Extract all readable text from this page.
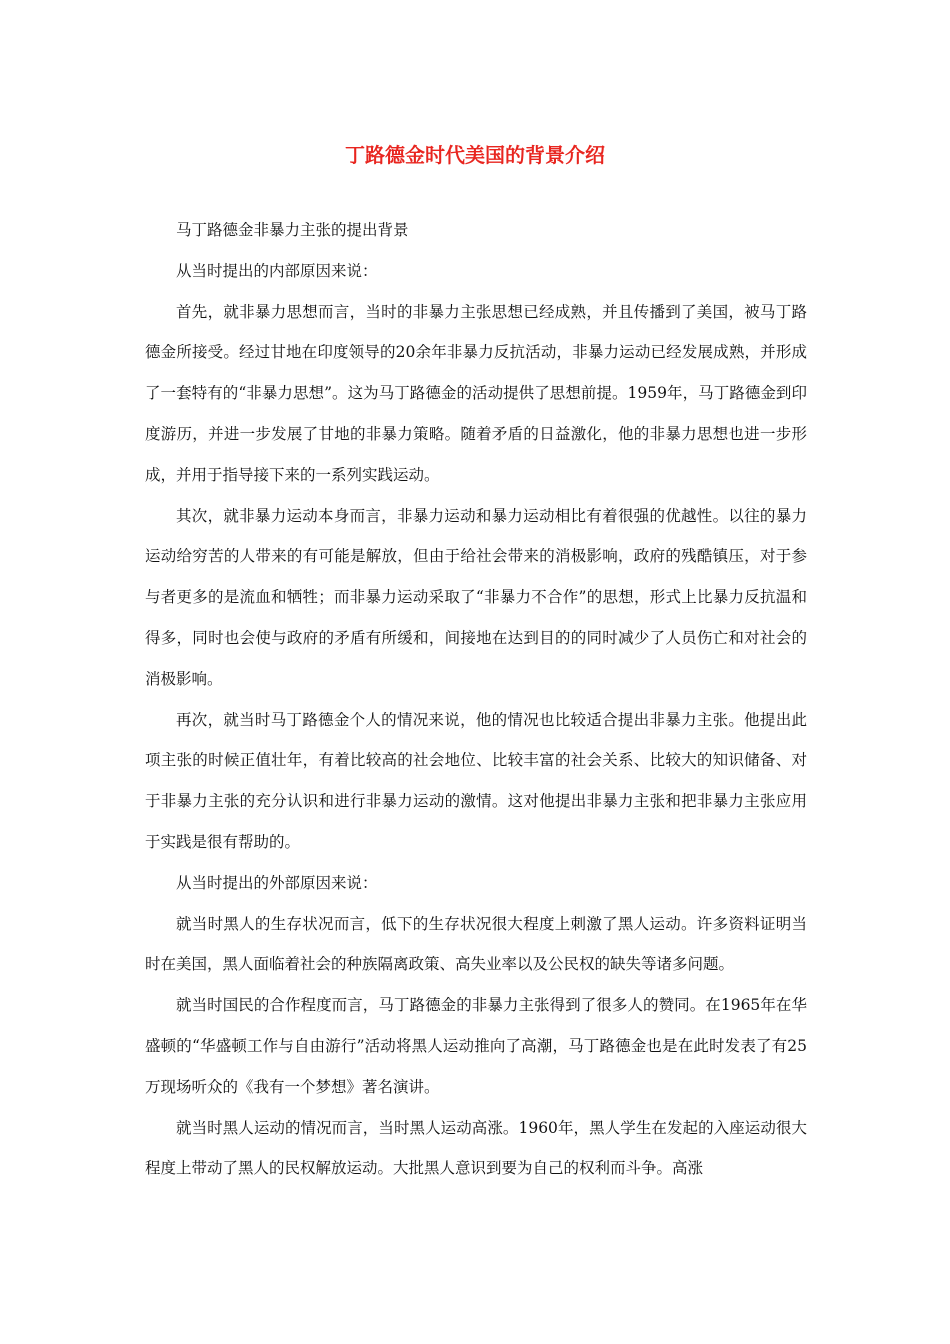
丁路德金时代美国的背景介绍

马丁路德金非暴力主张的提出背景

从当时提出的内部原因来说：

首先，就非暴力思想而言，当时的非暴力主张思想已经成熟，并且传播到了美国，被马丁路德金所接受。经过甘地在印度领导的20余年非暴力反抗活动，非暴力运动已经发展成熟，并形成了一套特有的“非暴力思想”。这为马丁路德金的活动提供了思想前提。1959年，马丁路德金到印度游历，并进一步发展了甘地的非暴力策略。随着矛盾的日益激化，他的非暴力思想也进一步形成，并用于指导接下来的一系列实践运动。

其次，就非暴力运动本身而言，非暴力运动和暴力运动相比有着很强的优越性。以往的暴力运动给穷苦的人带来的有可能是解放，但由于给社会带来的消极影响，政府的残酷镇压，对于参与者更多的是流血和牺牲；而非暴力运动采取了“非暴力不合作”的思想，形式上比暴力反抗温和得多，同时也会使与政府的矛盾有所缓和，间接地在达到目的的同时减少了人员伤亡和对社会的消极影响。

再次，就当时马丁路德金个人的情况来说，他的情况也比较适合提出非暴力主张。他提出此项主张的时候正值壮年，有着比较高的社会地位、比较丰富的社会关系、比较大的知识储备、对于非暴力主张的充分认识和进行非暴力运动的激情。这对他提出非暴力主张和把非暴力主张应用于实践是很有帮助的。

从当时提出的外部原因来说：

就当时黑人的生存状况而言，低下的生存状况很大程度上刺激了黑人运动。许多资料证明当时在美国，黑人面临着社会的种族隔离政策、高失业率以及公民权的缺失等诸多问题。

就当时国民的合作程度而言，马丁路德金的非暴力主张得到了很多人的赞同。在1965年在华盛顿的“华盛顿工作与自由游行”活动将黑人运动推向了高潮，马丁路德金也是在此时发表了有25万现场听众的《我有一个梦想》著名演讲。

就当时黑人运动的情况而言，当时黑人运动高涨。1960年，黑人学生在发起的入座运动很大程度上带动了黑人的民权解放运动。大批黑人意识到要为自己的权利而斗争。高涨
